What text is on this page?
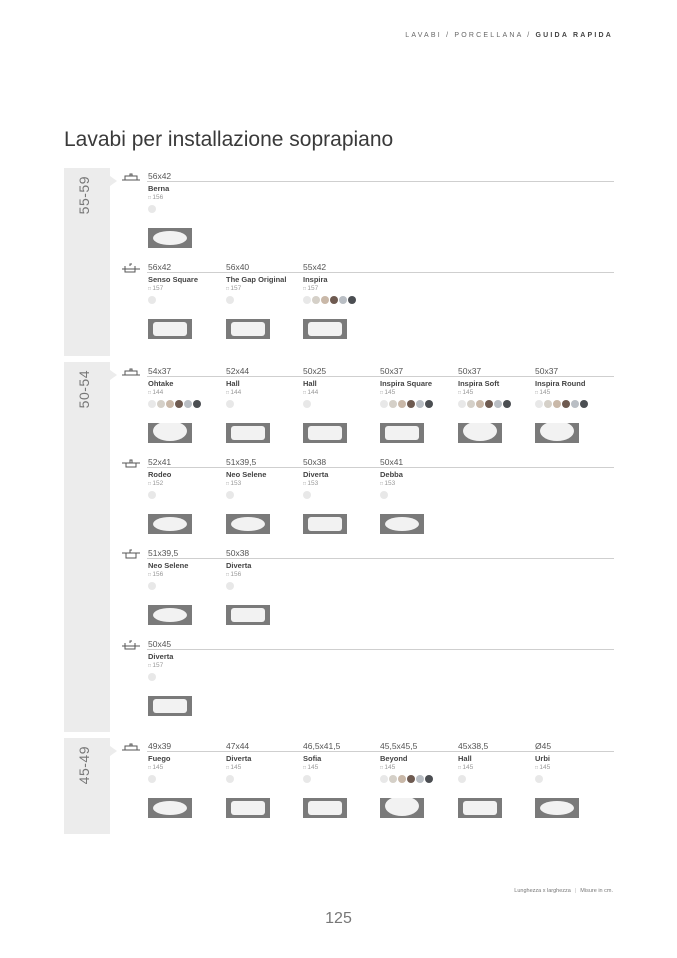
LAVABI / PORCELLANA / GUIDA RAPIDA
Lavabi per installazione soprapiano
55-59
50-54
45-49
56x42
Berna
□ 156
56x42
Senso Square
□ 157
56x40
The Gap Original
□ 157
55x42
Inspira
□ 157
54x37
Ohtake
□ 144
52x44
Hall
□ 144
50x25
Hall
□ 144
50x37
Inspira Square
□ 145
50x37
Inspira Soft
□ 145
50x37
Inspira Round
□ 145
52x41
Rodeo
□ 152
51x39,5
Neo Selene
□ 153
50x38
Diverta
□ 153
50x41
Debba
□ 153
51x39,5
Neo Selene
□ 156
50x38
Diverta
□ 156
50x45
Diverta
□ 157
49x39
Fuego
□ 145
47x44
Diverta
□ 145
46,5x41,5
Sofia
□ 145
45,5x45,5
Beyond
□ 145
45x38,5
Hall
□ 145
Ø45
Urbi
□ 145
Lunghezza x larghezza | Misure in cm.
125
